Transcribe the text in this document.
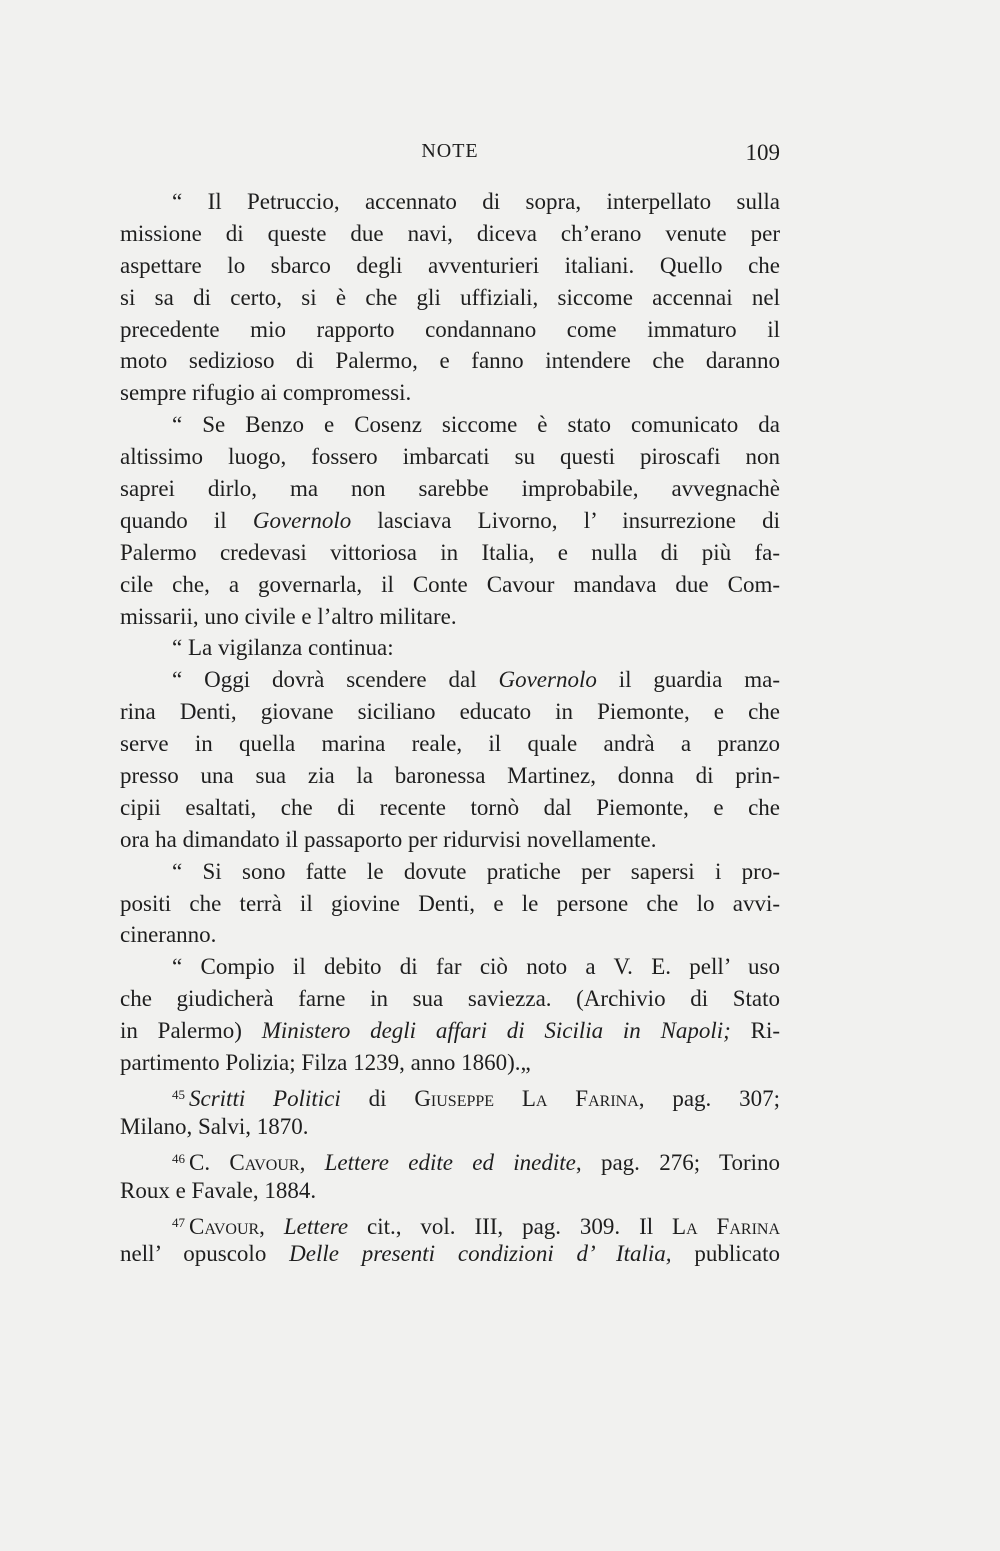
NOTE	109
“ Il Petruccio, accennato di sopra, interpellato sulla
missione di queste due navi, diceva ch’erano venute per
aspettare lo sbarco degli avventurieri italiani. Quello che
si sa di certo, si è che gli uffiziali, siccome accennai nel
precedente mio rapporto condannano come immaturo il
moto sedizioso di Palermo, e fanno intendere che daranno
sempre rifugio ai compromessi.
“ Se Benzo e Cosenz siccome è stato comunicato da
altissimo luogo, fossero imbarcati su questi piroscafi non
saprei dirlo, ma non sarebbe improbabile, avvegnachè
quando il Governolo lasciava Livorno, l’ insurrezione di
Palermo credevasi vittoriosa in Italia, e nulla di più fa-
cile che, a governarla, il Conte Cavour mandava due Com-
missarii, uno civile e l’altro militare.
“ La vigilanza continua:
“ Oggi dovrà scendere dal Governolo il guardia ma-
rina Denti, giovane siciliano educato in Piemonte, e che
serve in quella marina reale, il quale andrà a pranzo
presso una sua zia la baronessa Martinez, donna di prin-
cipii esaltati, che di recente tornò dal Piemonte, e che
ora ha dimandato il passaporto per ridurvisi novellamente.
“ Si sono fatte le dovute pratiche per sapersi i pro-
positi che terrà il giovine Denti, e le persone che lo avvi-
cineranno.
“ Compio il debito di far ciò noto a V. E. pell’ uso
che giudicherà farne in sua saviezza. (Archivio di Stato
in Palermo) Ministero degli affari di Sicilia in Napoli; Ri-
partimento Polizia; Filza 1239, anno 1860).„
$^{45}$ Scritti Politici di Giuseppe La Farina, pag. 307;
Milano, Salvi, 1870.
$^{46}$ C. Cavour, Lettere edite ed inedite, pag. 276; Torino
Roux e Favale, 1884.
$^{47}$ Cavour, Lettere cit., vol. III, pag. 309. Il La Farina
nell’ opuscolo Delle presenti condizioni d’ Italia, publicato
